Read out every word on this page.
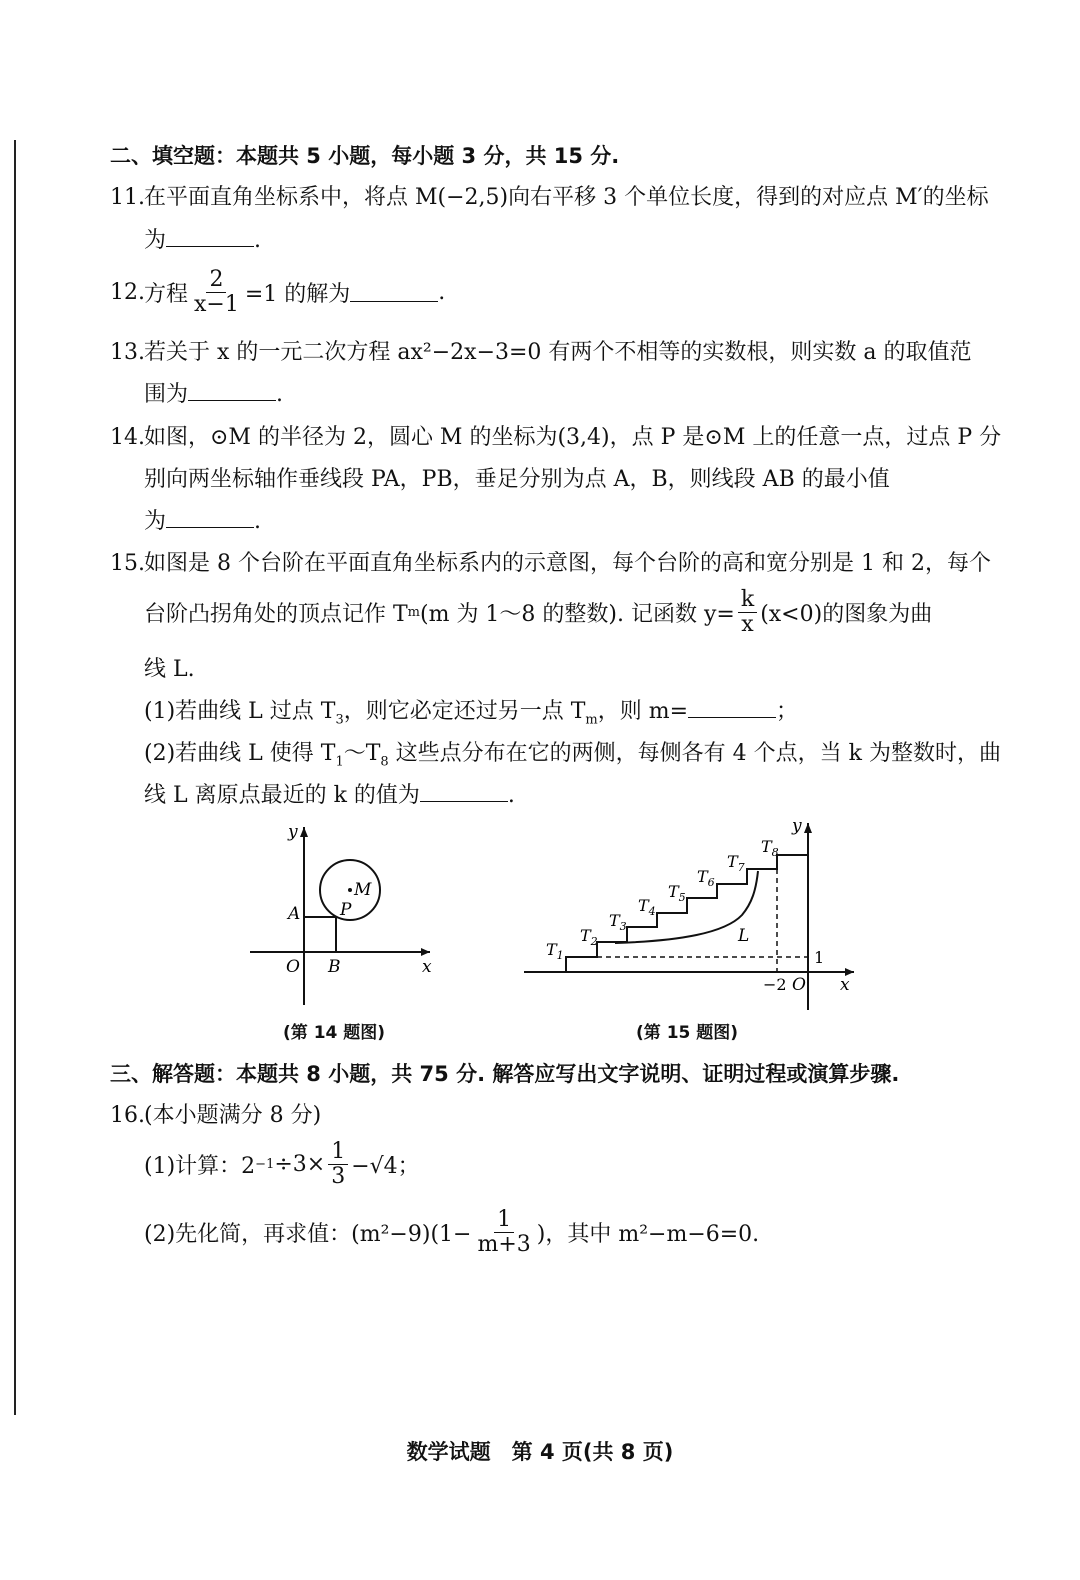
二、填空题：本题共 5 小题，每小题 3 分，共 15 分.
11.在平面直角坐标系中，将点 M(−2,5)向右平移 3 个单位长度，得到的对应点 M′的坐标
为	.
12. 方程 $\frac{2}{x-1} =1$ 的解为	.
13.若关于 x 的一元二次方程 ax²−2x−3=0 有两个不相等的实数根，则实数 a 的取值范
围为	.
14.如图，⊙M 的半径为 2，圆心 M 的坐标为(3,4)，点 P 是⊙M 上的任意一点，过点 P 分
别向两坐标轴作垂线段 PA，PB，垂足分别为点 A，B，则线段 AB 的最小值
为	.
15.如图是 8 个台阶在平面直角坐标系内的示意图，每个台阶的高和宽分别是 1 和 2，每个
台阶凸拐角处的顶点记作 T m (m 为 1～8 的整数). 记函数 $y= \frac{k}{x} (x<0)$的图象为曲
线 L.
(1)若曲线 L 过点 $T_3$，则它必定还过另一点 $T_m$，则 m=	；
(2)若曲线 L 使得 $T_1\sim T_8$ 这些点分布在它的两侧，每侧各有 4 个点，当 k 为整数时，曲
线 L 离原点最近的 k 的值为	.
y
x
O
A
B
P
M
(第 14 题图)
y
x
O
−2
1
L
$T_1$
$T_2$
$T_3$
$T_4$
$T_5$
$T_6$
$T_7$
$T_8$
(第 15 题图)
三、解答题：本题共 8 小题，共 75 分. 解答应写出文字说明、证明过程或演算步骤.
16.(本小题满分 8 分)
(1)计算：$2 -1 \div 3\times \frac{1}{3} -√4$；
(2)先化简，再求值：$(m^2-9)(1- \frac{1}{m+3}$ )，其中 m²−m−6=0.
数学试题　第 4 页(共 8 页)
